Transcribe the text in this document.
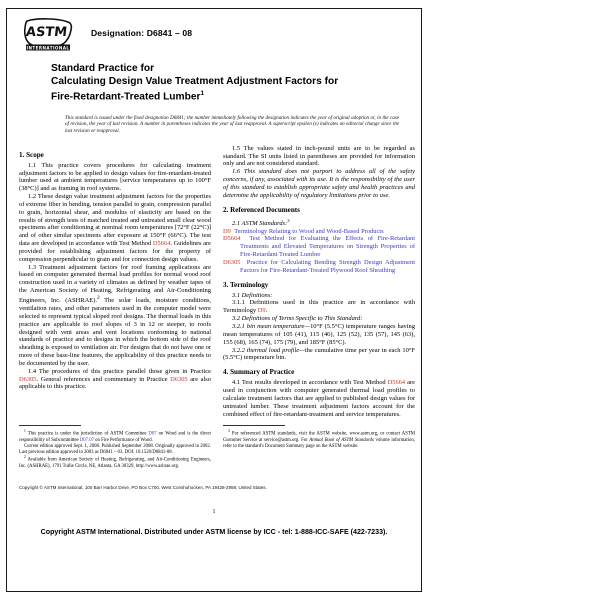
ASTM
INTERNATIONAL
Designation: D6841 – 08
Standard Practice for
Calculating Design Value Treatment Adjustment Factors for
Fire-Retardant-Treated Lumber$^1$
This standard is issued under the fixed designation D6841; the number immediately following the designation indicates the year of original adoption or, in the case of revision, the year of last revision. A number in parentheses indicates the year of last reapproval. A superscript epsilon (ε) indicates an editorial change since the last revision or reapproval.
1. Scope

1.1 This practice covers procedures for calculating treatment adjustment factors to be applied to design values for fire-retardant-treated lumber used at ambient temperatures [service temperatures up to 100°F (38°C)] and as framing in roof systems.

1.2 These design value treatment adjustment factors for the properties of extreme fiber in bending, tension parallel to grain, compression parallel to grain, horizontal shear, and modulus of elasticity are based on the results of strength tests of matched treated and untreated small clear wood specimens after conditioning at nominal room temperatures [72°F (22°C)] and of other similar specimens after exposure at 150°F (66°C). The test data are developed in accordance with Test Method D5664. Guidelines are provided for establishing adjustment factors for the property of compression perpendicular to grain and for connection design values.

1.3 Treatment adjustment factors for roof framing applications are based on computer generated thermal load profiles for normal wood roof construction used in a variety of climates as defined by weather tapes of the American Society of Heating, Refrigerating and Air-Conditioning Engineers, Inc. (ASHRAE).$^2$ The solar loads, moisture conditions, ventilation rates, and other parameters used in the computer model were selected to represent typical sloped roof designs. The thermal loads in this practice are applicable to roof slopes of 3 in 12 or steeper, to roofs designed with vent areas and vent locations conforming to national standards of practice and to designs in which the bottom side of the roof sheathing is exposed to ventilation air. For designs that do not have one or more of these base-line features, the applicability of this practice needs to be documented by the user.

1.4 The procedures of this practice parallel those given in Practice D6305. General references and commentary in Practice D6305 are also applicable to this practice.

1.5 The values stated in inch-pound units are to be regarded as standard. The SI units listed in parentheses are provided for information only and are not considered standard.

1.6 This standard does not purport to address all of the safety concerns, if any, associated with its use. It is the responsibility of the user of this standard to establish appropriate safety and health practices and determine the applicability of regulatory limitations prior to use.

2. Referenced Documents

2.1 ASTM Standards:$^3$

D9 Terminology Relating to Wood and Wood-Based Products

D5664 Test Method for Evaluating the Effects of Fire-Retardant Treatments and Elevated Temperatures on Strength Properties of Fire-Retardant Treated Lumber

D6305 Practice for Calculating Bending Strength Design Adjustment Factors for Fire-Retardant-Treated Plywood Roof Sheathing

3. Terminology

3.1 Definitions:

3.1.1 Definitions used in this practice are in accordance with Terminology D9.

3.2 Definitions of Terms Specific to This Standard:

3.2.1 bin mean temperature—10°F (5.5°C) temperature ranges having mean temperatures of 105 (41), 115 (46), 125 (52), 135 (57), 145 (63), 155 (68), 165 (74), 175 (79), and 185°F (85°C).

3.2.2 thermal load profile—the cumulative time per year in each 10°F (5.5°C) temperature bin.

4. Summary of Practice

4.1 Test results developed in accordance with Test Method D5664 are used in conjunction with computer generated thermal load profiles to calculate treatment factors that are applied to published design values for untreated lumber. These treatment adjustment factors account for the combined effect of fire-retardant-treatment and service temperatures.

$^1$ This practice is under the jurisdiction of ASTM Committee D07 on Wood and is the direct responsibility of Subcommittee D07.07 on Fire Performance of Wood.

Current edition approved Sept. 1, 2008. Published September 2008. Originally approved in 2002. Last previous edition approved in 2003 as D6841 – 03. DOI: 10.1520/D6841-08.

$^2$ Available from American Society of Heating, Refrigerating, and Air-Conditioning Engineers, Inc. (ASHRAE), 1791 Tullie Circle, NE, Atlanta, GA 30329, http://www.ashrae.org.

$^3$ For referenced ASTM standards, visit the ASTM website, www.astm.org, or contact ASTM Customer Service at service@astm.org. For Annual Book of ASTM Standards volume information, refer to the standard's Document Summary page on the ASTM website.

Copyright © ASTM International, 100 Barr Harbor Drive, PO Box C700, West Conshohocken, PA 19428-2959, United States.
1
Copyright ASTM International. Distributed under ASTM license by ICC - tel: 1-888-ICC-SAFE (422-7233).
